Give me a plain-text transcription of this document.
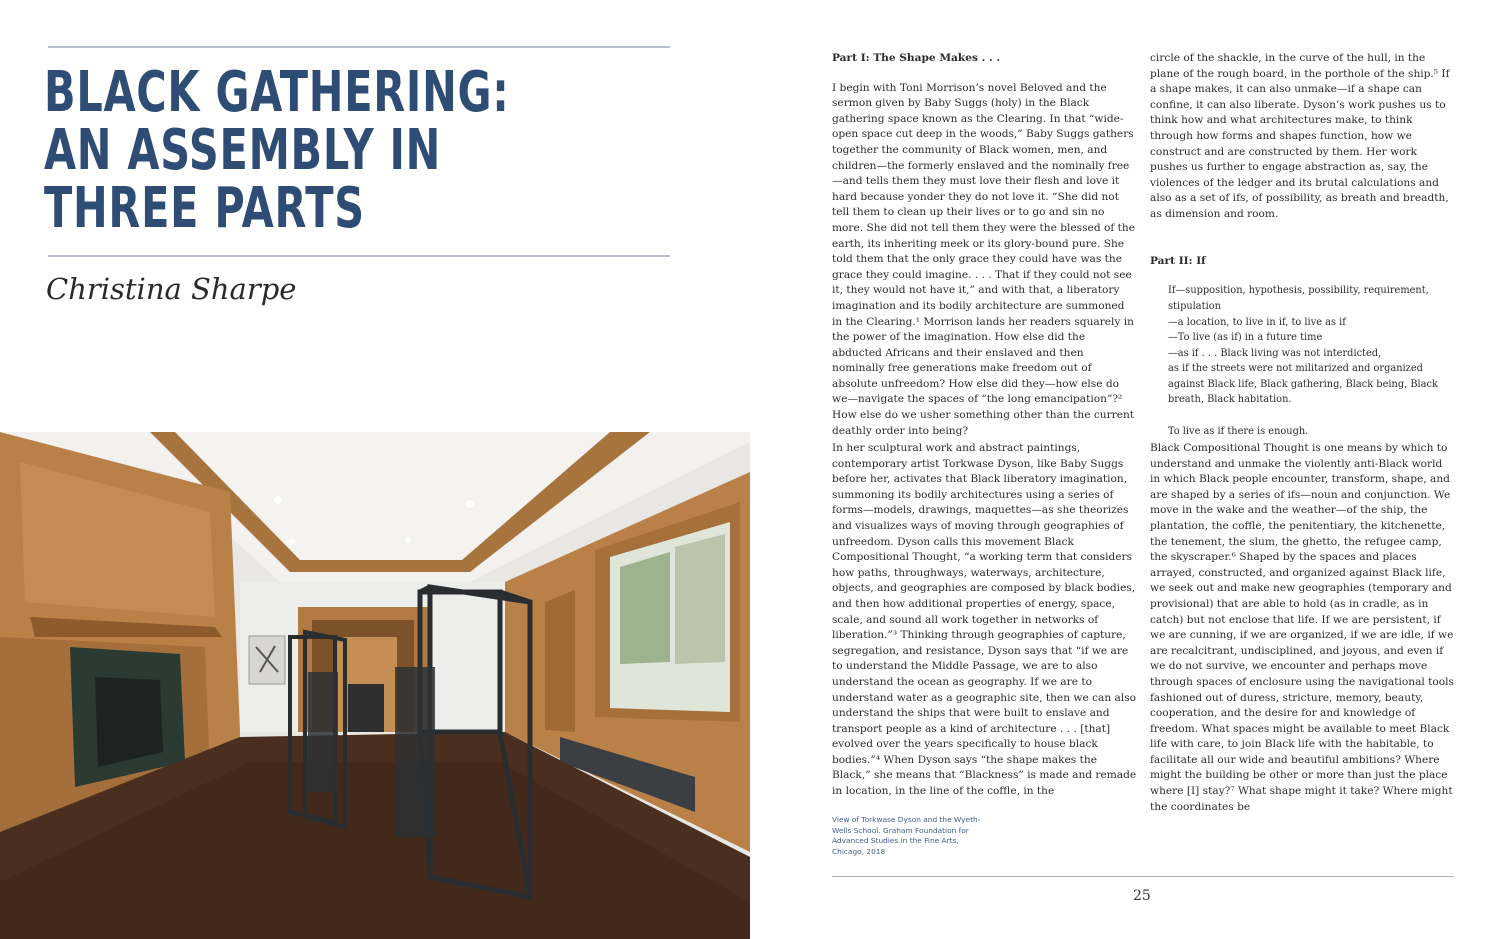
BLACK GATHERING:
AN ASSEMBLY IN
THREE PARTS
Christina Sharpe

Part I: The Shape Makes . . .

I begin with Toni Morrison’s novel Beloved and the sermon given by Baby Suggs (holy) in the Black gathering space known as the Clearing. In that “wide-open space cut deep in the woods,” Baby Suggs gathers together the community of Black women, men, and children—the formerly enslaved and the nominally free—and tells them they must love their flesh and love it hard because yonder they do not love it. “She did not tell them to clean up their lives or to go and sin no more. She did not tell them they were the blessed of the earth, its inheriting meek or its glory-bound pure. She told them that the only grace they could have was the grace they could imagine. . . . That if they could not see it, they would not have it,” and with that, a liberatory imagination and its bodily architecture are summoned in the Clearing.¹ Morrison lands her readers squarely in the power of the imagination. How else did the abducted Africans and their enslaved and then nominally free generations make freedom out of absolute unfreedom? How else did they—how else do we—navigate the spaces of “the long emancipation”?² How else do we usher something other than the current deathly order into being?

In her sculptural work and abstract paintings, contemporary artist Torkwase Dyson, like Baby Suggs before her, activates that Black liberatory imagination, summoning its bodily architectures using a series of forms—models, drawings, maquettes—as she theorizes and visualizes ways of moving through geographies of unfreedom. Dyson calls this movement Black Compositional Thought, “a working term that considers how paths, throughways, waterways, architecture, objects, and geographies are composed by black bodies, and then how additional properties of energy, space, scale, and sound all work together in networks of liberation.”³ Thinking through geographies of capture, segregation, and resistance, Dyson says that “if we are to understand the Middle Passage, we are to also understand the ocean as geography. If we are to understand water as a geographic site, then we can also understand the ships that were built to enslave and transport people as a kind of architecture . . . [that] evolved over the years specifically to house black bodies.”⁴ When Dyson says “the shape makes the Black,” she means that “Blackness” is made and remade in location, in the line of the coffle, in the

circle of the shackle, in the curve of the hull, in the plane of the rough board, in the porthole of the ship.⁵ If a shape makes, it can also unmake—if a shape can confine, it can also liberate. Dyson’s work pushes us to think how and what architectures make, to think through how forms and shapes function, how we construct and are constructed by them. Her work pushes us further to engage abstraction as, say, the violences of the ledger and its brutal calculations and also as a set of ifs, of possibility, as breath and breadth, as dimension and room.

Part II: If

If—supposition, hypothesis, possibility, requirement,
stipulation
—a location, to live in if, to live as if
—To live (as if) in a future time
—as if . . . Black living was not interdicted,
as if the streets were not militarized and organized
against Black life, Black gathering, Black being, Black
breath, Black habitation.
To live as if there is enough.

Black Compositional Thought is one means by which to understand and unmake the violently anti-Black world in which Black people encounter, transform, shape, and are shaped by a series of ifs—noun and conjunction. We move in the wake and the weather—of the ship, the plantation, the coffle, the penitentiary, the kitchenette, the tenement, the slum, the ghetto, the refugee camp, the skyscraper.⁶ Shaped by the spaces and places arrayed, constructed, and organized against Black life, we seek out and make new geographies (temporary and provisional) that are able to hold (as in cradle, as in catch) but not enclose that life. If we are persistent, if we are cunning, if we are organized, if we are idle, if we are recalcitrant, undisciplined, and joyous, and even if we do not survive, we encounter and perhaps move through spaces of enclosure using the navigational tools fashioned out of duress, stricture, memory, beauty, cooperation, and the desire for and knowledge of freedom. What spaces might be available to meet Black life with care, to join Black life with the habitable, to facilitate all our wide and beautiful ambitions? Where might the building be other or more than just the place where [I] stay?⁷ What shape might it take? Where might the coordinates be

View of Torkwase Dyson and the Wyeth-Wells School. Graham Foundation for Advanced Studies in the Fine Arts, Chicago, 2018
25
